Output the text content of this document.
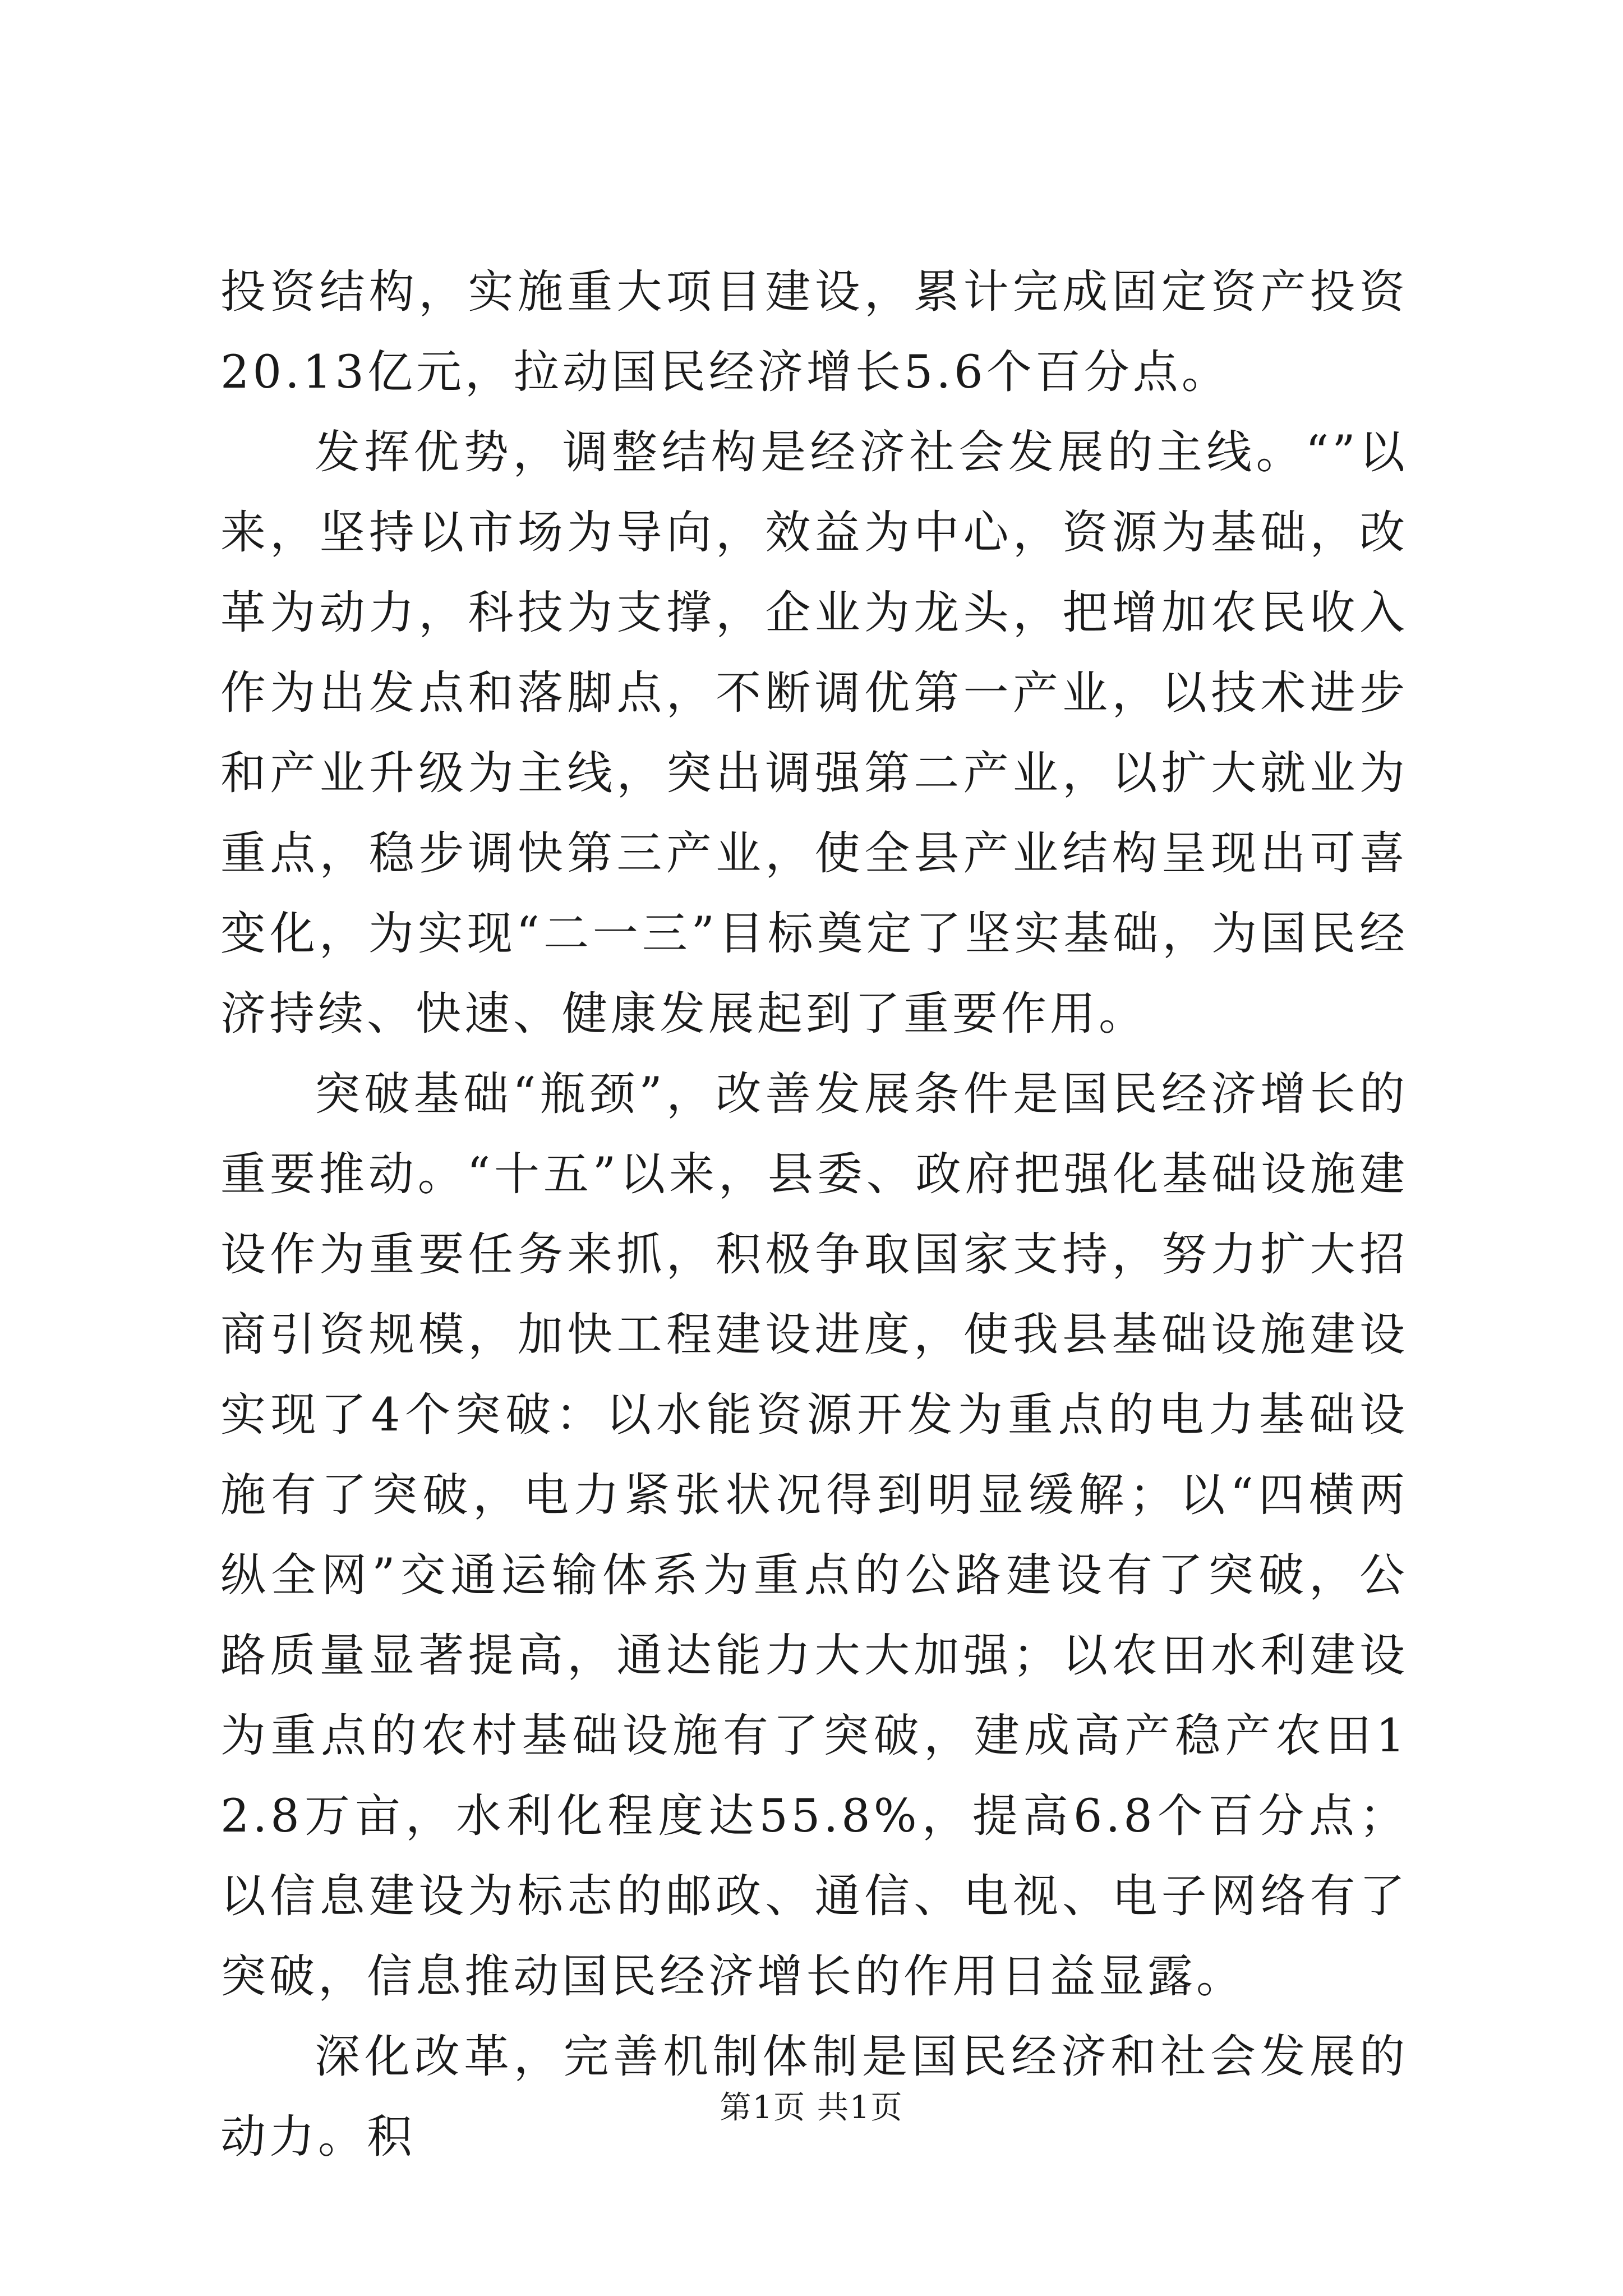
投资结构，实施重大项目建设，累计完成固定资产投资20.13亿元，拉动国民经济增长5.6个百分点。

发挥优势，调整结构是经济社会发展的主线。“”以来，坚持以市场为导向，效益为中心，资源为基础，改革为动力，科技为支撑，企业为龙头，把增加农民收入作为出发点和落脚点，不断调优第一产业，以技术进步和产业升级为主线，突出调强第二产业，以扩大就业为重点，稳步调快第三产业，使全县产业结构呈现出可喜变化，为实现“二一三”目标奠定了坚实基础，为国民经济持续、快速、健康发展起到了重要作用。

突破基础“瓶颈”，改善发展条件是国民经济增长的重要推动。“十五”以来，县委、政府把强化基础设施建设作为重要任务来抓，积极争取国家支持，努力扩大招商引资规模，加快工程建设进度，使我县基础设施建设实现了4个突破：以水能资源开发为重点的电力基础设施有了突破，电力紧张状况得到明显缓解；以“四横两纵全网”交通运输体系为重点的公路建设有了突破，公路质量显著提高，通达能力大大加强；以农田水利建设为重点的农村基础设施有了突破，建成高产稳产农田12.8万亩，水利化程度达55.8%，提高6.8个百分点；以信息建设为标志的邮政、通信、电视、电子网络有了突破，信息推动国民经济增长的作用日益显露。

深化改革，完善机制体制是国民经济和社会发展的动力。积

第1页 共1页
